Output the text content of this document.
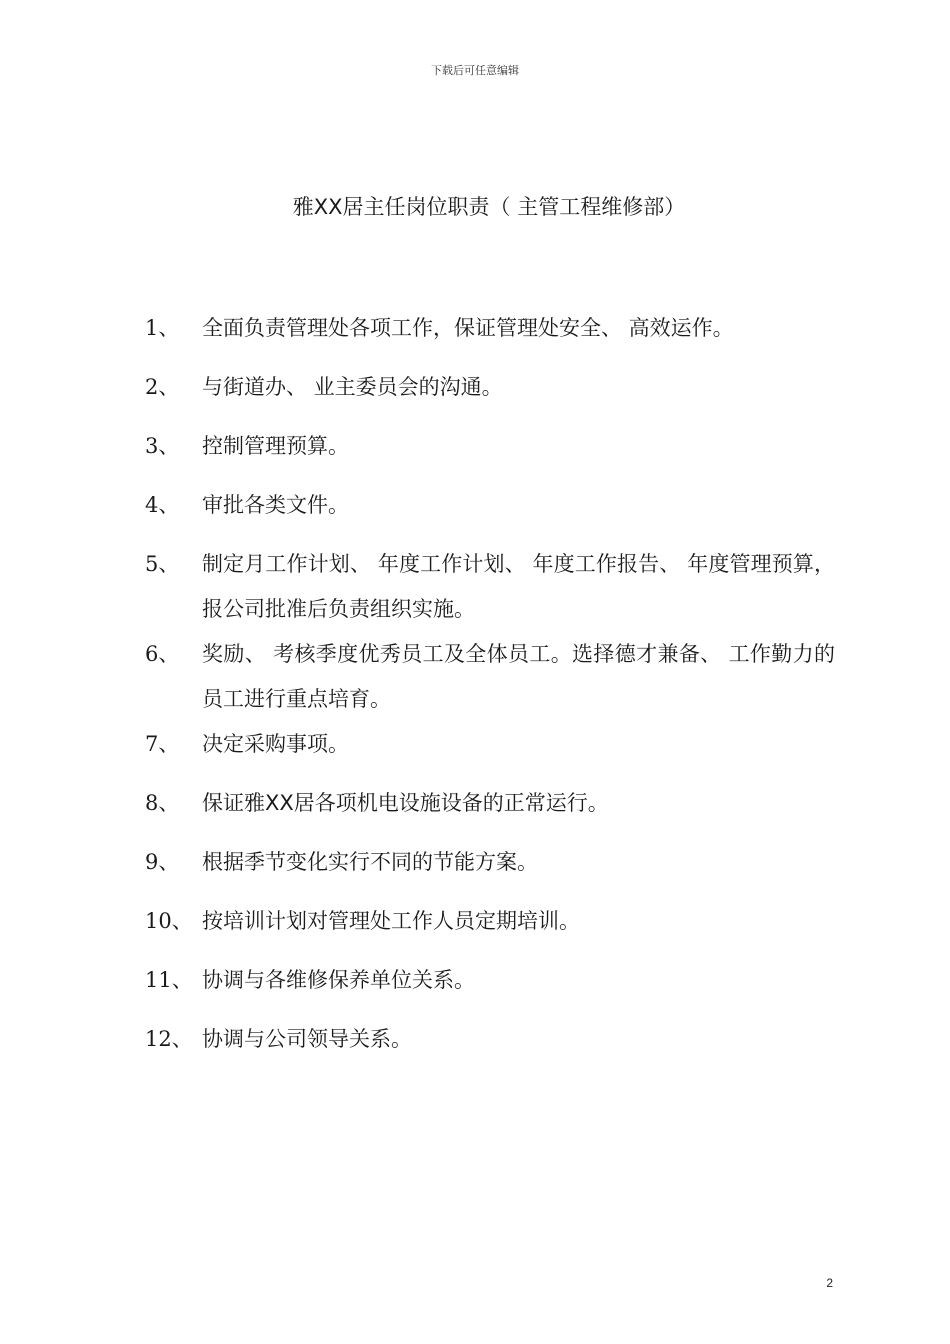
下载后可任意编辑
雅XX居主任岗位职责（ 主管工程维修部）
1、	全面负责管理处各项工作，保证管理处安全、 高效运作。
2、	与街道办、 业主委员会的沟通。
3、	控制管理预算。
4、	审批各类文件。
5、	制定月工作计划、 年度工作计划、 年度工作报告、 年度管理预算，报公司批准后负责组织实施。
6、	奖励、 考核季度优秀员工及全体员工。选择德才兼备、 工作勤力的员工进行重点培育。
7、	决定采购事项。
8、	保证雅XX居各项机电设施设备的正常运行。
9、	根据季节变化实行不同的节能方案。
10、 按培训计划对管理处工作人员定期培训。
11、 协调与各维修保养单位关系。
12、 协调与公司领导关系。
2
